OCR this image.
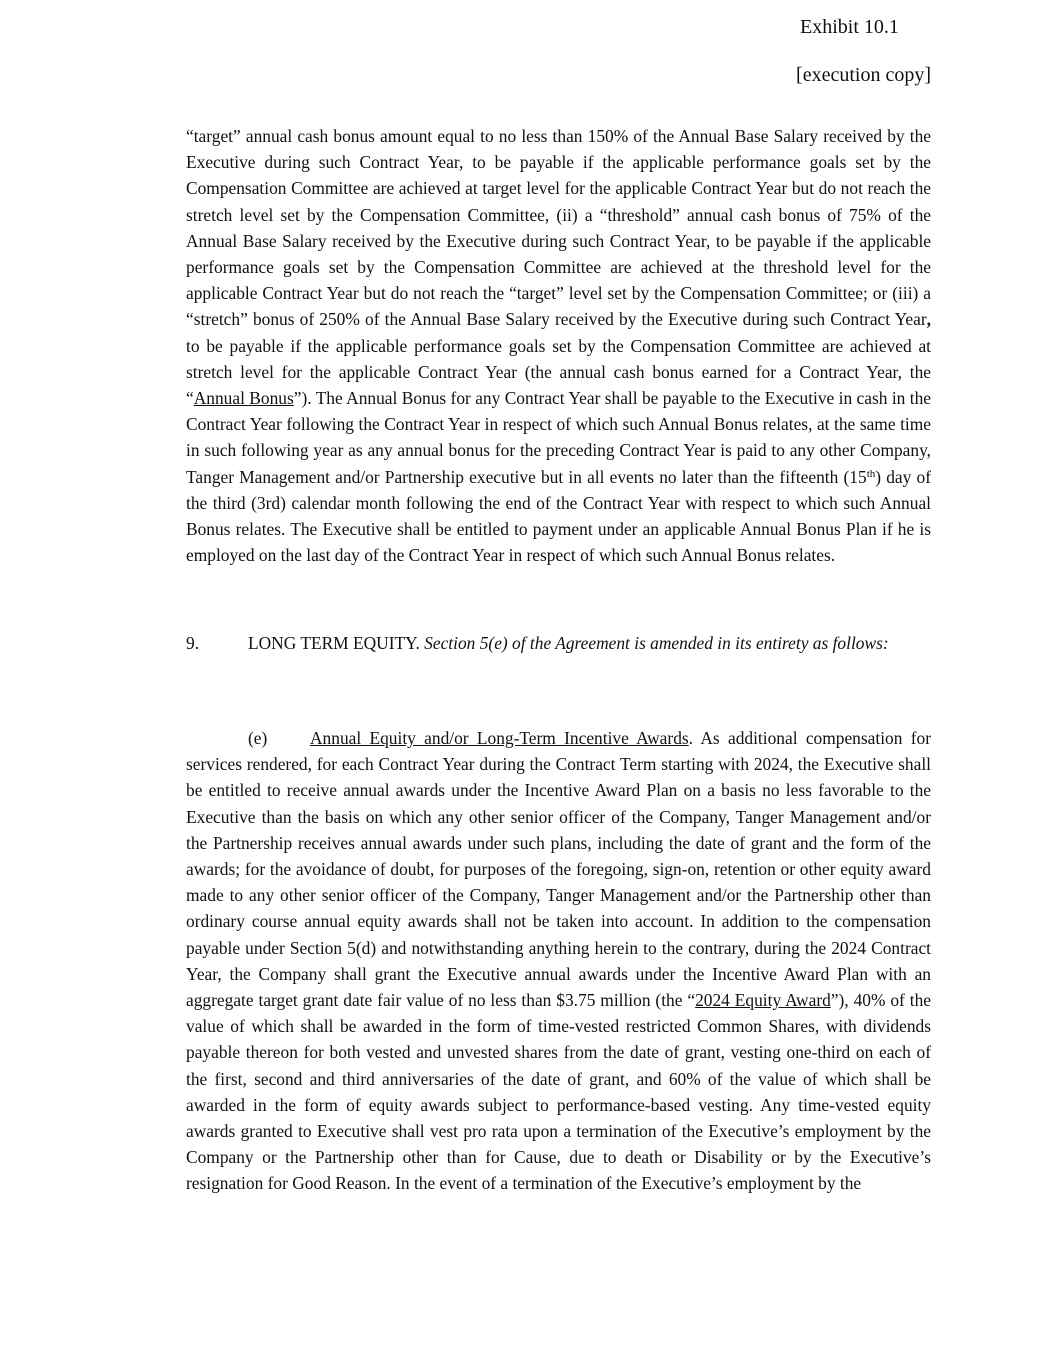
Exhibit 10.1
[execution copy]
“target” annual cash bonus amount equal to no less than 150% of the Annual Base Salary received by the Executive during such Contract Year, to be payable if the applicable performance goals set by the Compensation Committee are achieved at target level for the applicable Contract Year but do not reach the stretch level set by the Compensation Committee, (ii) a “threshold” annual cash bonus of 75% of the Annual Base Salary received by the Executive during such Contract Year, to be payable if the applicable performance goals set by the Compensation Committee are achieved at the threshold level for the applicable Contract Year but do not reach the “target” level set by the Compensation Committee; or (iii) a “stretch” bonus of 250% of the Annual Base Salary received by the Executive during such Contract Year, to be payable if the applicable performance goals set by the Compensation Committee are achieved at stretch level for the applicable Contract Year (the annual cash bonus earned for a Contract Year, the “Annual Bonus”). The Annual Bonus for any Contract Year shall be payable to the Executive in cash in the Contract Year following the Contract Year in respect of which such Annual Bonus relates, at the same time in such following year as any annual bonus for the preceding Contract Year is paid to any other Company, Tanger Management and/or Partnership executive but in all events no later than the fifteenth (15th) day of the third (3rd) calendar month following the end of the Contract Year with respect to which such Annual Bonus relates. The Executive shall be entitled to payment under an applicable Annual Bonus Plan if he is employed on the last day of the Contract Year in respect of which such Annual Bonus relates.
9.	LONG TERM EQUITY. Section 5(e) of the Agreement is amended in its entirety as follows:
(e) Annual Equity and/or Long-Term Incentive Awards. As additional compensation for services rendered, for each Contract Year during the Contract Term starting with 2024, the Executive shall be entitled to receive annual awards under the Incentive Award Plan on a basis no less favorable to the Executive than the basis on which any other senior officer of the Company, Tanger Management and/or the Partnership receives annual awards under such plans, including the date of grant and the form of the awards; for the avoidance of doubt, for purposes of the foregoing, sign-on, retention or other equity award made to any other senior officer of the Company, Tanger Management and/or the Partnership other than ordinary course annual equity awards shall not be taken into account. In addition to the compensation payable under Section 5(d) and notwithstanding anything herein to the contrary, during the 2024 Contract Year, the Company shall grant the Executive annual awards under the Incentive Award Plan with an aggregate target grant date fair value of no less than $3.75 million (the “2024 Equity Award”), 40% of the value of which shall be awarded in the form of time-vested restricted Common Shares, with dividends payable thereon for both vested and unvested shares from the date of grant, vesting one-third on each of the first, second and third anniversaries of the date of grant, and 60% of the value of which shall be awarded in the form of equity awards subject to performance-based vesting. Any time-vested equity awards granted to Executive shall vest pro rata upon a termination of the Executive’s employment by the Company or the Partnership other than for Cause, due to death or Disability or by the Executive’s resignation for Good Reason. In the event of a termination of the Executive’s employment by the
